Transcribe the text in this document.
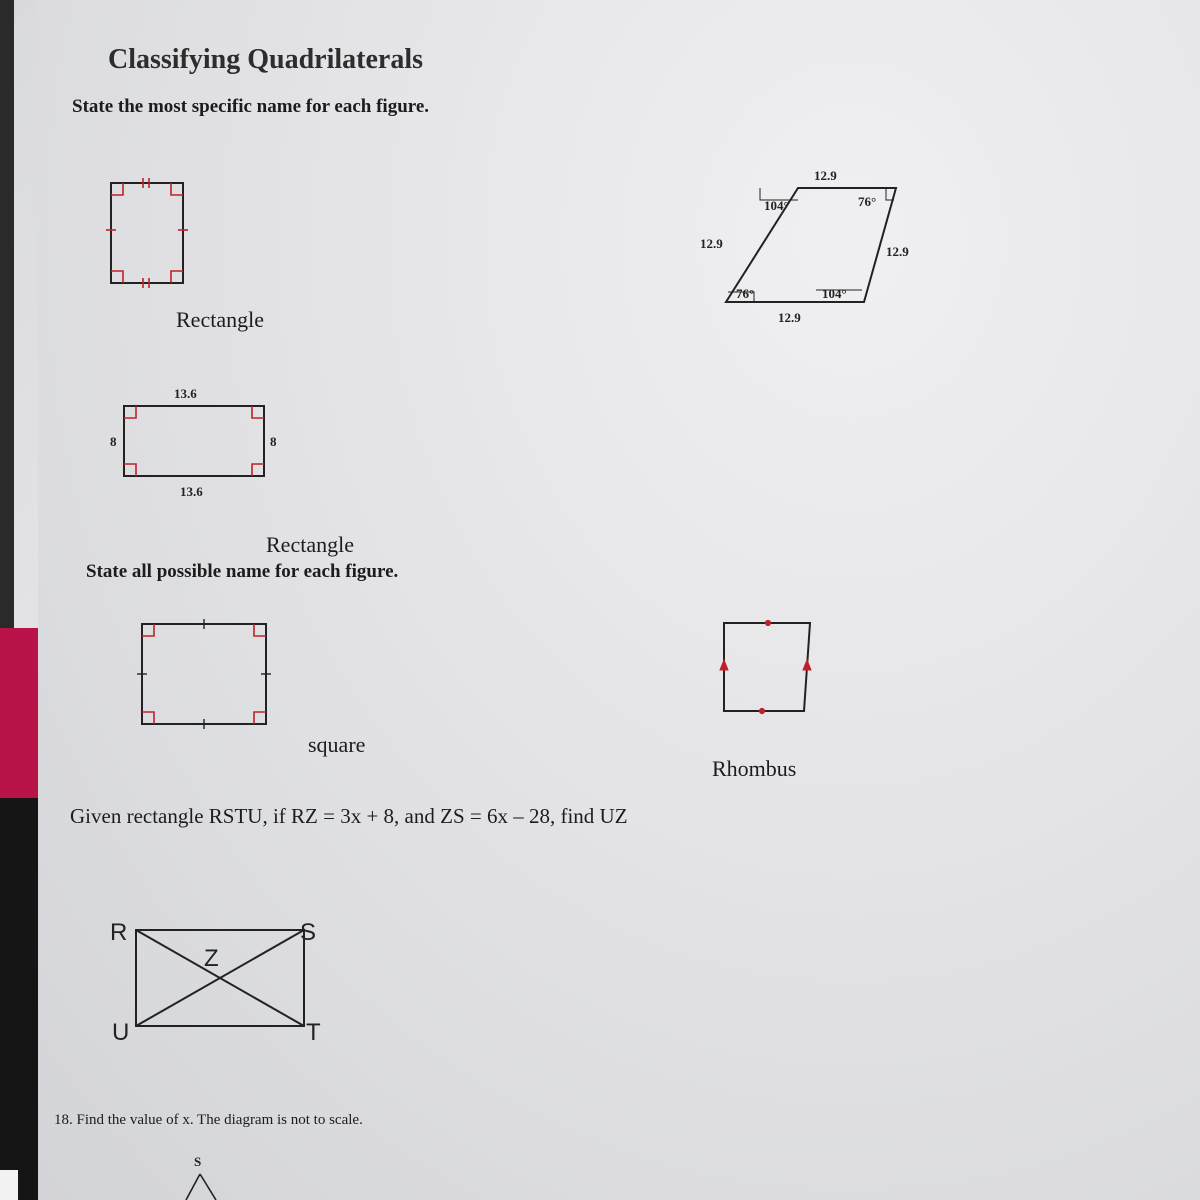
Classifying Quadrilaterals
State the most specific name for each figure.
Rectangle
12.9
12.9
12.9
12.9
104°	76°
76°	104°
13.6
8	8
13.6
Rectangle
State all possible name for each figure.
square
Rhombus
Given rectangle RSTU, if RZ = 3x + 8, and ZS = 6x – 28, find UZ
R	S
T
U
Z
18. Find the value of x. The diagram is not to scale.
S
